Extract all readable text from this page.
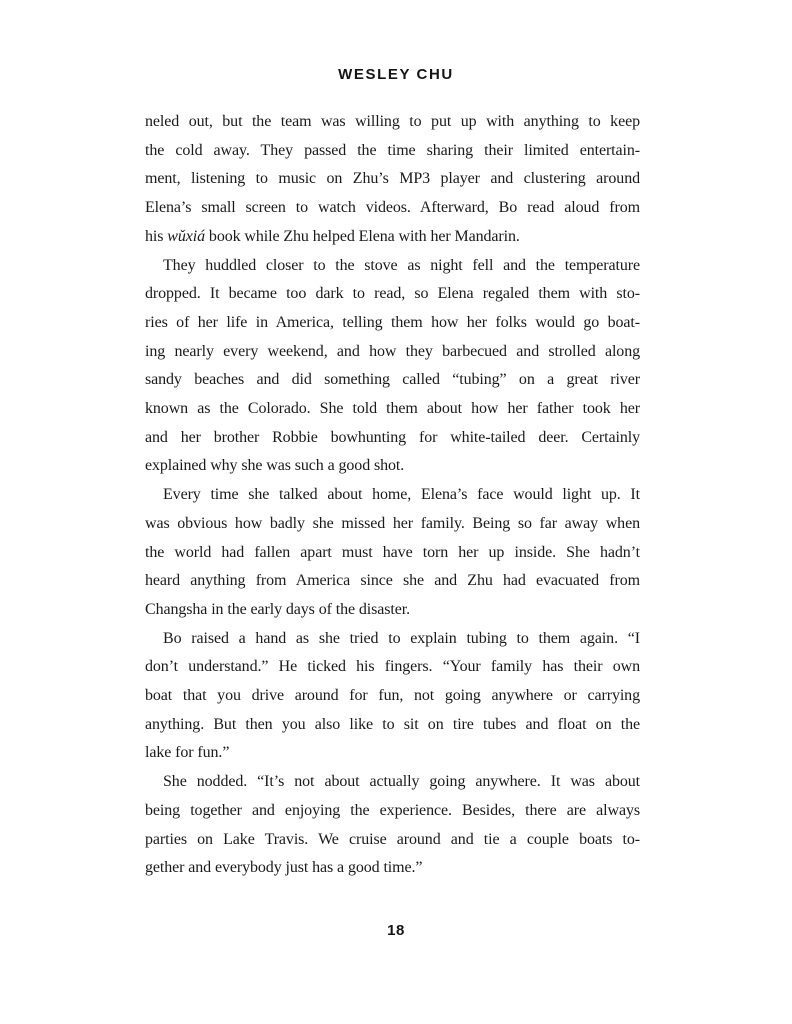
WESLEY CHU
neled out, but the team was willing to put up with anything to keep
the cold away. They passed the time sharing their limited entertain-
ment, listening to music on Zhu’s MP3 player and clustering around
Elena’s small screen to watch videos. Afterward, Bo read aloud from
his wǔxiá book while Zhu helped Elena with her Mandarin.
They huddled closer to the stove as night fell and the temperature
dropped. It became too dark to read, so Elena regaled them with sto-
ries of her life in America, telling them how her folks would go boat-
ing nearly every weekend, and how they barbecued and strolled along
sandy beaches and did something called “tubing” on a great river
known as the Colorado. She told them about how her father took her
and her brother Robbie bowhunting for white-tailed deer. Certainly
explained why she was such a good shot.
Every time she talked about home, Elena’s face would light up. It
was obvious how badly she missed her family. Being so far away when
the world had fallen apart must have torn her up inside. She hadn’t
heard anything from America since she and Zhu had evacuated from
Changsha in the early days of the disaster.
Bo raised a hand as she tried to explain tubing to them again. “I
don’t understand.” He ticked his fingers. “Your family has their own
boat that you drive around for fun, not going anywhere or carrying
anything. But then you also like to sit on tire tubes and float on the
lake for fun.”
She nodded. “It’s not about actually going anywhere. It was about
being together and enjoying the experience. Besides, there are always
parties on Lake Travis. We cruise around and tie a couple boats to-
gether and everybody just has a good time.”
18
